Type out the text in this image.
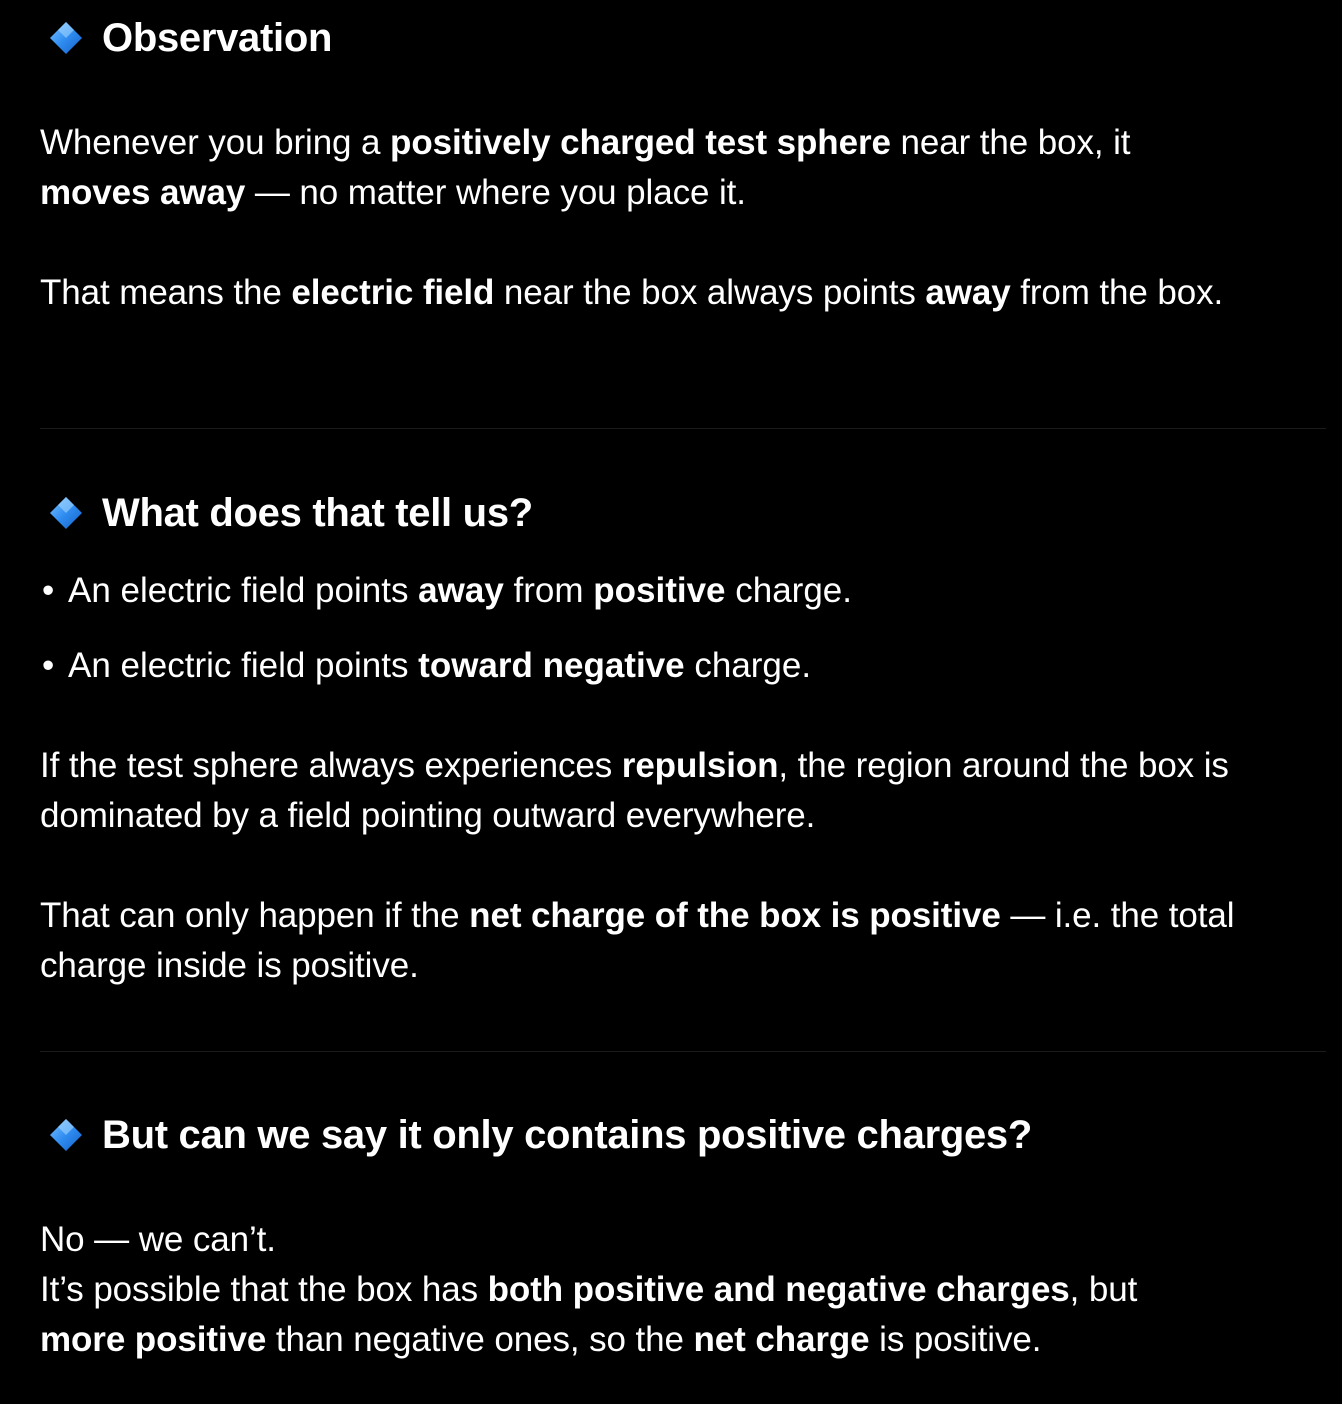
Observation

Whenever you bring a positively charged test sphere near the box, it
moves away — no matter where you place it.

That means the electric field near the box always points away from the box.

What does that tell us?
• An electric field points away from positive charge.
• An electric field points toward negative charge.

If the test sphere always experiences repulsion, the region around the box is dominated by a field pointing outward everywhere.

That can only happen if the net charge of the box is positive — i.e. the total charge inside is positive.

But can we say it only contains positive charges?

No — we can’t.

It’s possible that the box has both positive and negative charges, but
more positive than negative ones, so the net charge is positive.
